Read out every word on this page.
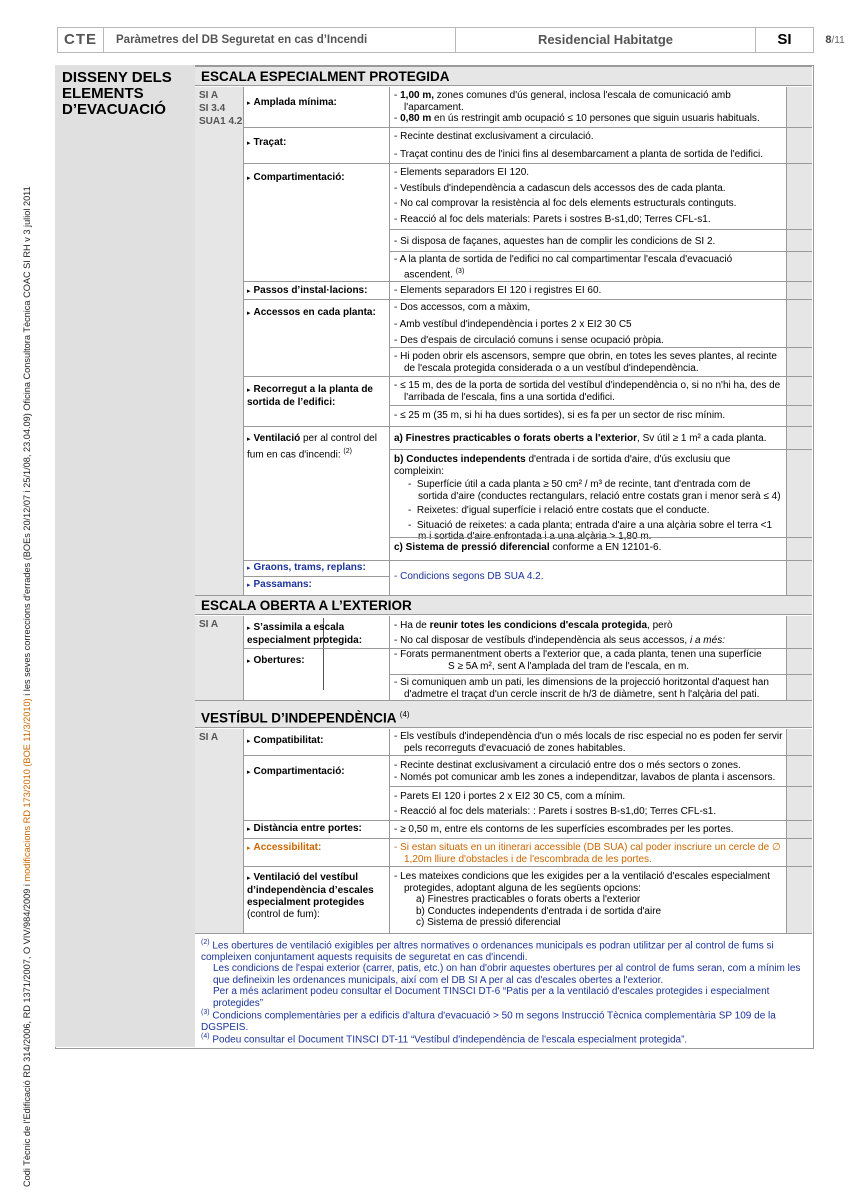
CTE	Paràmetres del DB Seguretat en cas d’Incendi	Residencial Habitatge	SI	8/11
Codi Tècnic de l'Edificació RD 314/2006, RD 1371/2007, O VIV/984/2009 i modificacions RD 173/2010 (BOE 11/3/2010) i les seves correccions d'errades (BOEs 20/12/07 i 25/1/08, 23.04.09) Oficina Consultora Tècnica COAC SI RH v 3 juliol 2011
DISSENY DELS ELEMENTS D’EVACUACIÓ
ESCALA ESPECIALMENT PROTEGIDA
SI A
SI 3.4
SUA1 4.2
▸ Amplada mínima:
- 1,00 m, zones comunes d'ús general, inclosa l'escala de comunicació amb l'aparcament.
- 0,80 m en ús restringit amb ocupació ≤ 10 persones que siguin usuaris habituals.
▸ Traçat:
- Recinte destinat exclusivament a circulació.
- Traçat continu des de l'inici fins al desembarcament a planta de sortida de l'edifici.
▸ Compartimentació:	- Elements separadors EI 120.
- Vestíbuls d'independència a cadascun dels accessos des de cada planta.
- No cal comprovar la resistència al foc dels elements estructurals continguts.
- Reacció al foc dels materials: Parets i sostres B-s1,d0; Terres CFL-s1.
- Si disposa de façanes, aquestes han de complir les condicions de SI 2.
- A la planta de sortida de l'edifici no cal compartimentar l'escala d'evacuació ascendent. $^{(3)}$
▸ Passos d’instal·lacions:	- Elements separadors EI 120 i registres EI 60.
▸ Accessos en cada planta:	- Dos accessos, com a màxim,
- Amb vestíbul d'independència i portes 2 x EI2 30 C5
- Des d'espais de circulació comuns i sense ocupació pròpia.
- Hi poden obrir els ascensors, sempre que obrin, en totes les seves plantes, al recinte de l'escala protegida considerada o a un vestíbul d'independència.
▸ Recorregut a la planta de sortida de l’edifici:
- ≤ 15 m, des de la porta de sortida del vestíbul d'independència o, si no n'hi ha, des de l'arribada de l'escala, fins a una sortida d'edifici.
- ≤ 25 m (35 m, si hi ha dues sortides), si es fa per un sector de risc mínim.
▸ Ventilació per al control del fum en cas d'incendi: $^{(2)}$
a) Finestres practicables o forats oberts a l'exterior, Sv útil ≥ 1 m² a cada planta.
b) Conductes independents d'entrada i de sortida d'aire, d'ús exclusiu que compleixin:
-  Superfície útil a cada planta ≥ 50 cm² / m³ de recinte, tant d'entrada com de sortida d'aire (conductes rectangulars, relació entre costats gran i menor serà ≤ 4)
-  Reixetes: d'igual superfície i relació entre costats que el conducte.
-  Situació de reixetes: a cada planta; entrada d'aire a una alçària sobre el terra <1
c) Sistema de pressió diferencial conforme a EN 12101-6.
▸ Graons, trams, replans:
▸ Passamans:
- Condicions segons DB SUA 4.2.
ESCALA OBERTA A L’EXTERIOR
SI A	▸ S’assimila a escala especialment protegida:
- Ha de reunir totes les condicions d'escala protegida, però
- No cal disposar de vestíbuls d'independència als seus accessos, i a més:
▸ Obertures:
- Forats permanentment oberts a l'exterior que, a cada planta, tenen una superfície
S ≥ 5A m², sent A l'amplada del tram de l'escala, en m.
- Si comuniquen amb un pati, les dimensions de la projecció horitzontal d'aquest han d'admetre el traçat d'un cercle inscrit de h/3 de diàmetre, sent h l'alçària del pati.
VESTÍBUL D’INDEPENDÈNCIA $^{(4)}$
SI A	▸ Compatibilitat:	- Els vestíbuls d'independència d'un o més locals de risc especial no es poden fer servir pels recorreguts d'evacuació de zones habitables.
▸ Compartimentació:
- Recinte destinat exclusivament a circulació entre dos o més sectors o zones.
- Només pot comunicar amb les zones a independitzar, lavabos de planta i ascensors.
- Parets EI 120 i portes 2 x EI2 30 C5, com a mínim.
- Reacció al foc dels materials: : Parets i sostres B-s1,d0; Terres CFL-s1.
▸ Distància entre portes:	- ≥ 0,50 m, entre els contorns de les superfícies escombrades per les portes.
▸ Accessibilitat:	- Si estan situats en un itinerari accessible (DB SUA) cal poder inscriure un cercle de ∅ 1,20m lliure d'obstacles i de l'escombrada de les portes.
▸ Ventilació del vestíbul d’independència d’escales especialment protegides
(control de fum):
- Les mateixes condicions que les exigides per a la ventilació d'escales especialment protegides, adoptant alguna de les següents opcions:
a) Finestres practicables o forats oberts a l'exterior
b) Conductes independents d'entrada i de sortida d'aire
c) Sistema de pressió diferencial
$^{(2)}$ Les obertures de ventilació exigibles per altres normatives o ordenances municipals es podran utilitzar per al control de fums si compleixen conjuntament aquests requisits de seguretat en cas d'incendi.
Les condicions de l'espai exterior (carrer, patis, etc.) on han d'obrir aquestes obertures per al control de fums seran, com a mínim les que defineixin les ordenances municipals, així com el DB SI A per al cas d'escales obertes a l'exterior.
Per a més aclariment podeu consultar el Document TINSCI DT-6 “Patis per a la ventilació d'escales protegides i especialment protegides”
$^{(3)}$ Condicions complementàries per a edificis d'altura d'evacuació > 50 m segons Instrucció Tècnica complementària SP 109 de la DGSPEIS.
$^{(4)}$ Podeu consultar el Document TINSCI DT-11 “Vestíbul d'independència de l'escala especialment protegida”.
